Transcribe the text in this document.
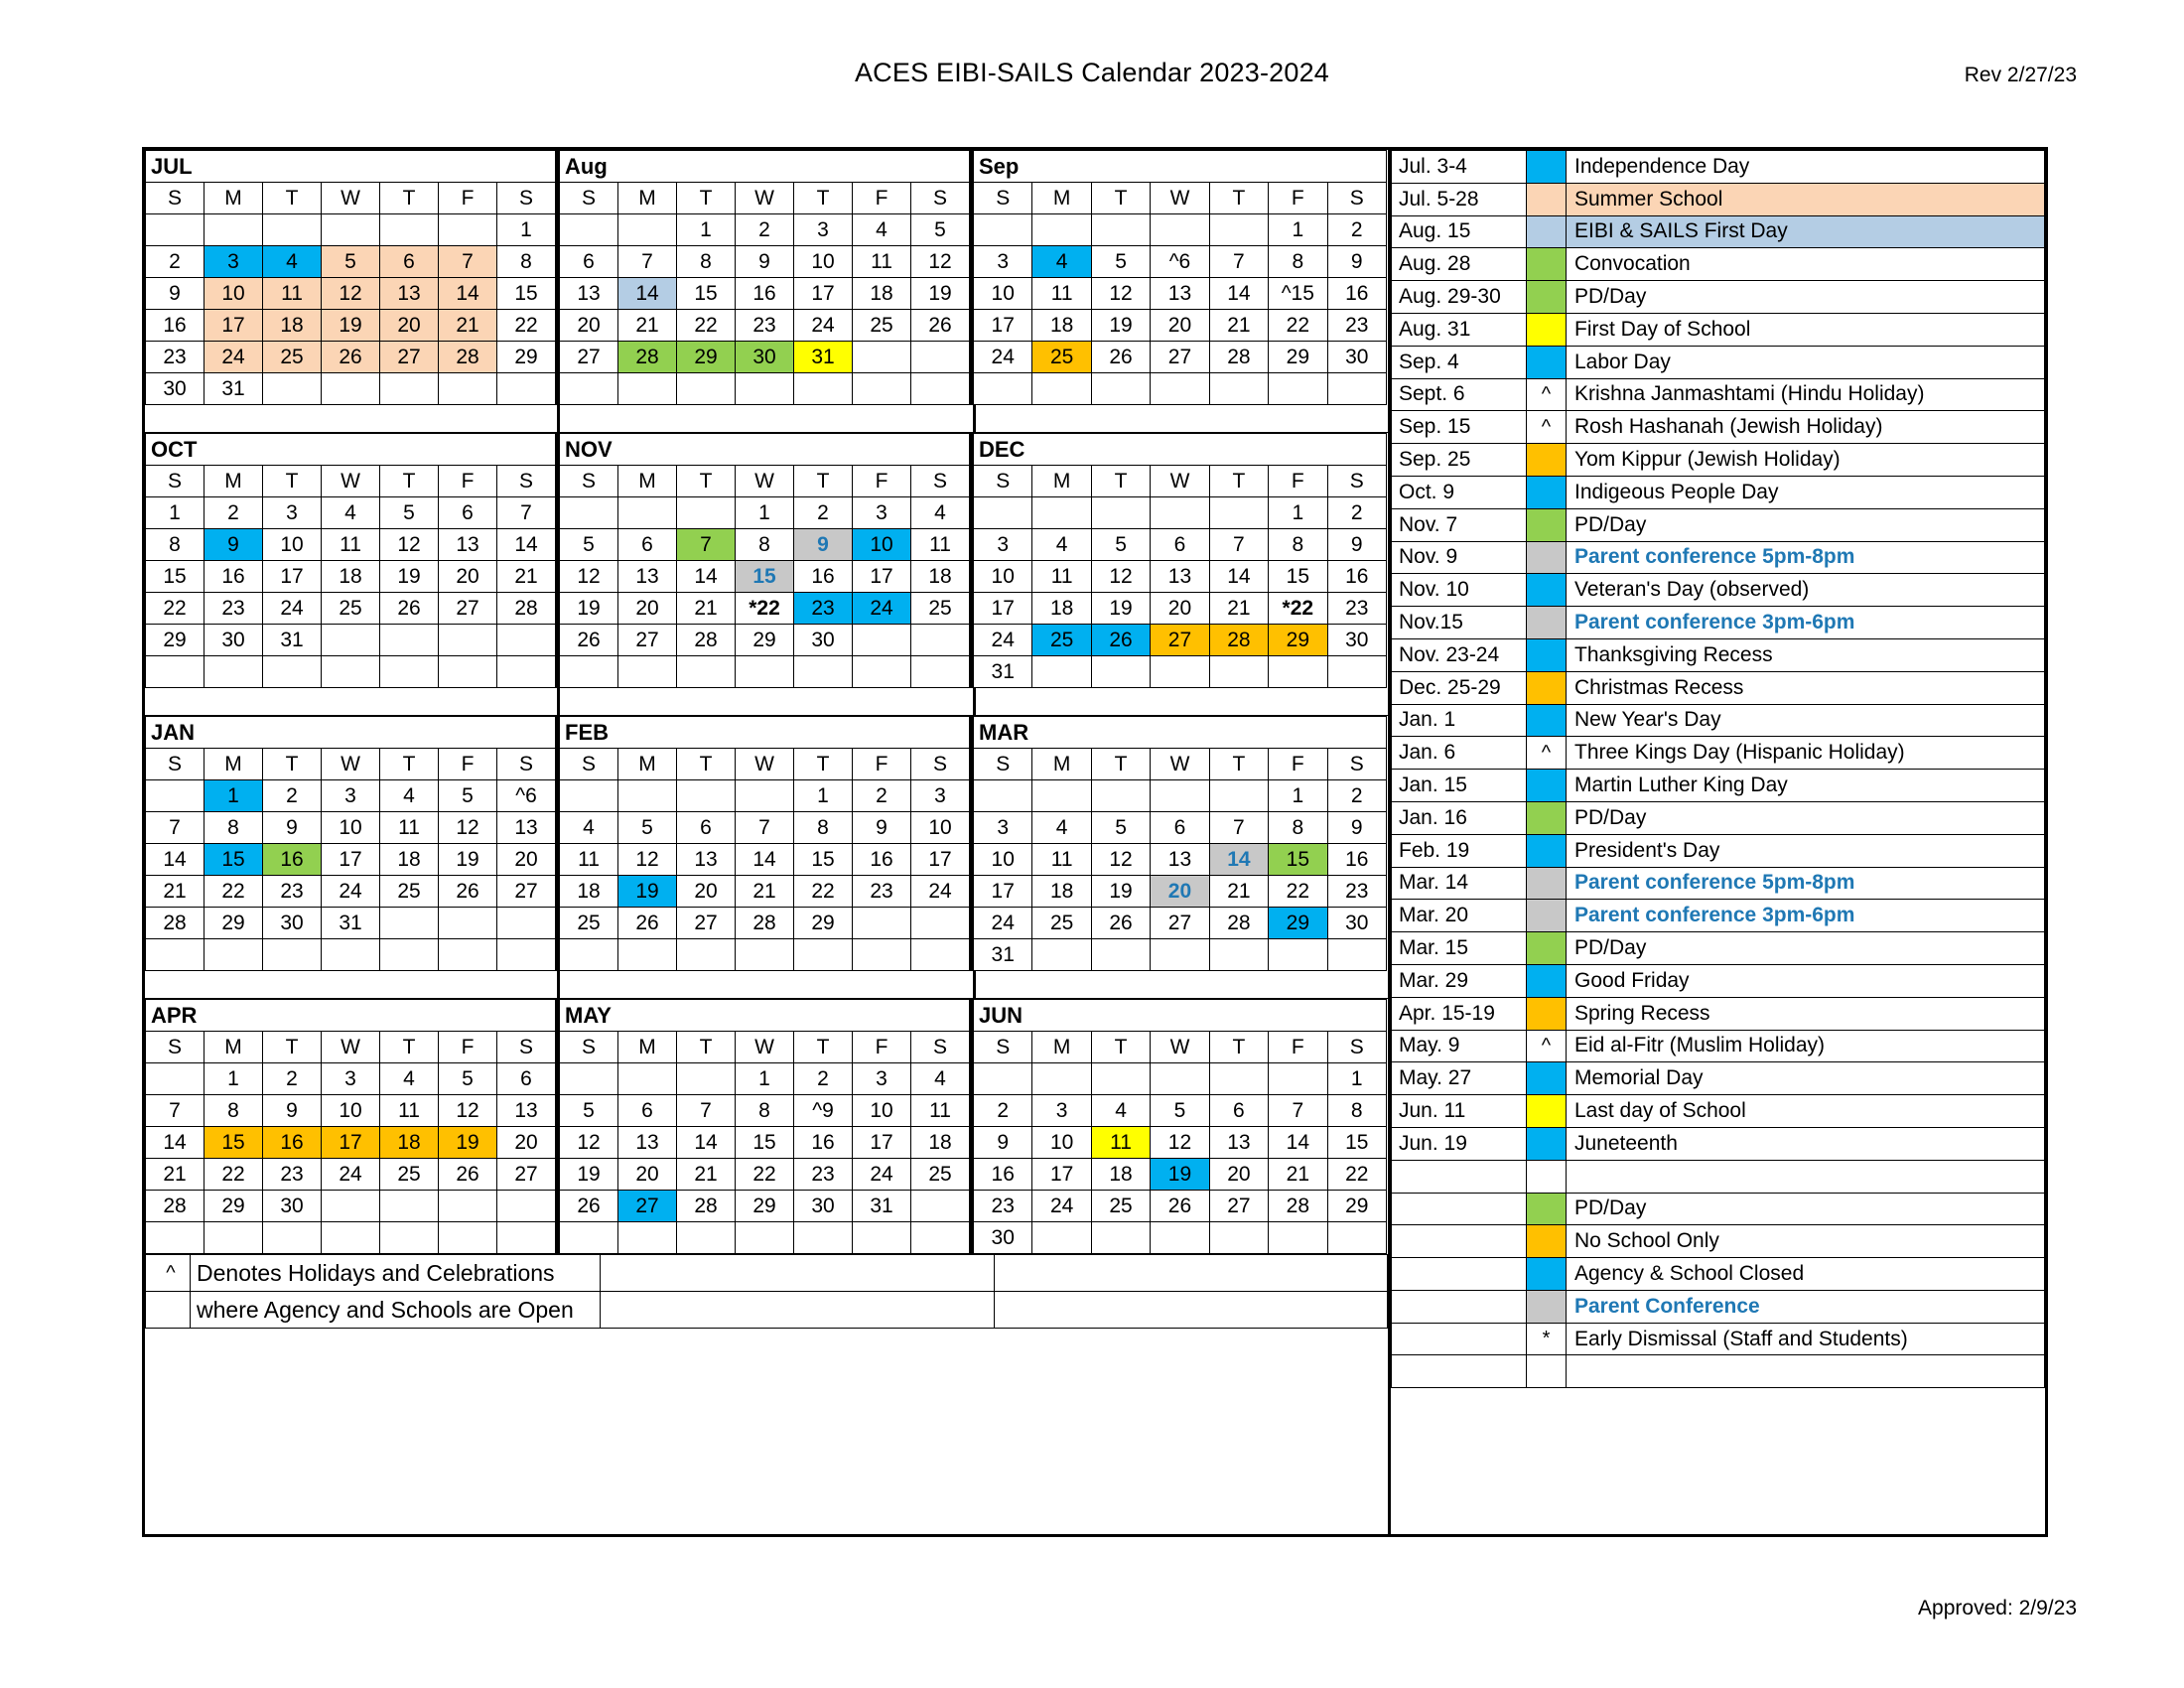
ACES EIBI-SAILS Calendar 2023-2024	Rev 2/27/23
Approved: 2/9/23
JUL						
S	M	T	W	T	F	S
						1
2	3	4	5	6	7	8
9	10	11	12	13	14	15
16	17	18	19	20	21	22
23	24	25	26	27	28	29
30	31					
Aug						
S	M	T	W	T	F	S
		1	2	3	4	5
6	7	8	9	10	11	12
13	14	15	16	17	18	19
20	21	22	23	24	25	26
27	28	29	30	31		

Sep						
S	M	T	W	T	F	S
					1	2
3	4	5	^6	7	8	9
10	11	12	13	14	^15	16
17	18	19	20	21	22	23
24	25	26	27	28	29	30

OCT						
S	M	T	W	T	F	S
1	2	3	4	5	6	7
8	9	10	11	12	13	14
15	16	17	18	19	20	21
22	23	24	25	26	27	28
29	30	31				

NOV						
S	M	T	W	T	F	S
			1	2	3	4
5	6	7	8	9	10	11
12	13	14	15	16	17	18
19	20	21	*22	23	24	25
26	27	28	29	30		

DEC						
S	M	T	W	T	F	S
					1	2
3	4	5	6	7	8	9
10	11	12	13	14	15	16
17	18	19	20	21	*22	23
24	25	26	27	28	29	30
31						
JAN						
S	M	T	W	T	F	S
	1	2	3	4	5	^6
7	8	9	10	11	12	13
14	15	16	17	18	19	20
21	22	23	24	25	26	27
28	29	30	31			

FEB						
S	M	T	W	T	F	S
				1	2	3
4	5	6	7	8	9	10
11	12	13	14	15	16	17
18	19	20	21	22	23	24
25	26	27	28	29		

MAR						
S	M	T	W	T	F	S
					1	2
3	4	5	6	7	8	9
10	11	12	13	14	15	16
17	18	19	20	21	22	23
24	25	26	27	28	29	30
31						
APR						
S	M	T	W	T	F	S
	1	2	3	4	5	6
7	8	9	10	11	12	13
14	15	16	17	18	19	20
21	22	23	24	25	26	27
28	29	30				

MAY						
S	M	T	W	T	F	S
			1	2	3	4
5	6	7	8	^9	10	11
12	13	14	15	16	17	18
19	20	21	22	23	24	25
26	27	28	29	30	31	

JUN						
S	M	T	W	T	F	S
						1
2	3	4	5	6	7	8
9	10	11	12	13	14	15
16	17	18	19	20	21	22
23	24	25	26	27	28	29
30						
^	Denotes Holidays and Celebrations		
	where Agency and Schools are Open		
Jul. 3-4		Independence Day
Jul. 5-28		Summer School
Aug. 15		EIBI & SAILS First Day
Aug. 28		Convocation
Aug. 29-30		PD/Day
Aug. 31		First Day of School
Sep. 4		Labor Day
Sept. 6	^	Krishna Janmashtami (Hindu Holiday)
Sep. 15	^	Rosh Hashanah (Jewish Holiday)
Sep. 25		Yom Kippur (Jewish Holiday)
Oct. 9		Indigeous People Day
Nov. 7		PD/Day
Nov. 9		Parent conference 5pm-8pm
Nov. 10		Veteran's Day (observed)
Nov.15		Parent conference 3pm-6pm
Nov. 23-24		Thanksgiving Recess
Dec. 25-29		Christmas Recess
Jan. 1		New Year's Day
Jan. 6	^	Three Kings Day (Hispanic Holiday)
Jan. 15		Martin Luther King Day
Jan. 16		PD/Day
Feb. 19		President's Day
Mar. 14		Parent conference 5pm-8pm
Mar. 20		Parent conference 3pm-6pm
Mar. 15		PD/Day
Mar. 29		Good Friday
Apr. 15-19		Spring Recess
May. 9	^	Eid al-Fitr (Muslim Holiday)
May. 27		Memorial Day
Jun. 11		Last day of School
Jun. 19		Juneteenth

		PD/Day
		No School Only
		Agency & School Closed
		Parent Conference
	*	Early Dismissal (Staff and Students)
